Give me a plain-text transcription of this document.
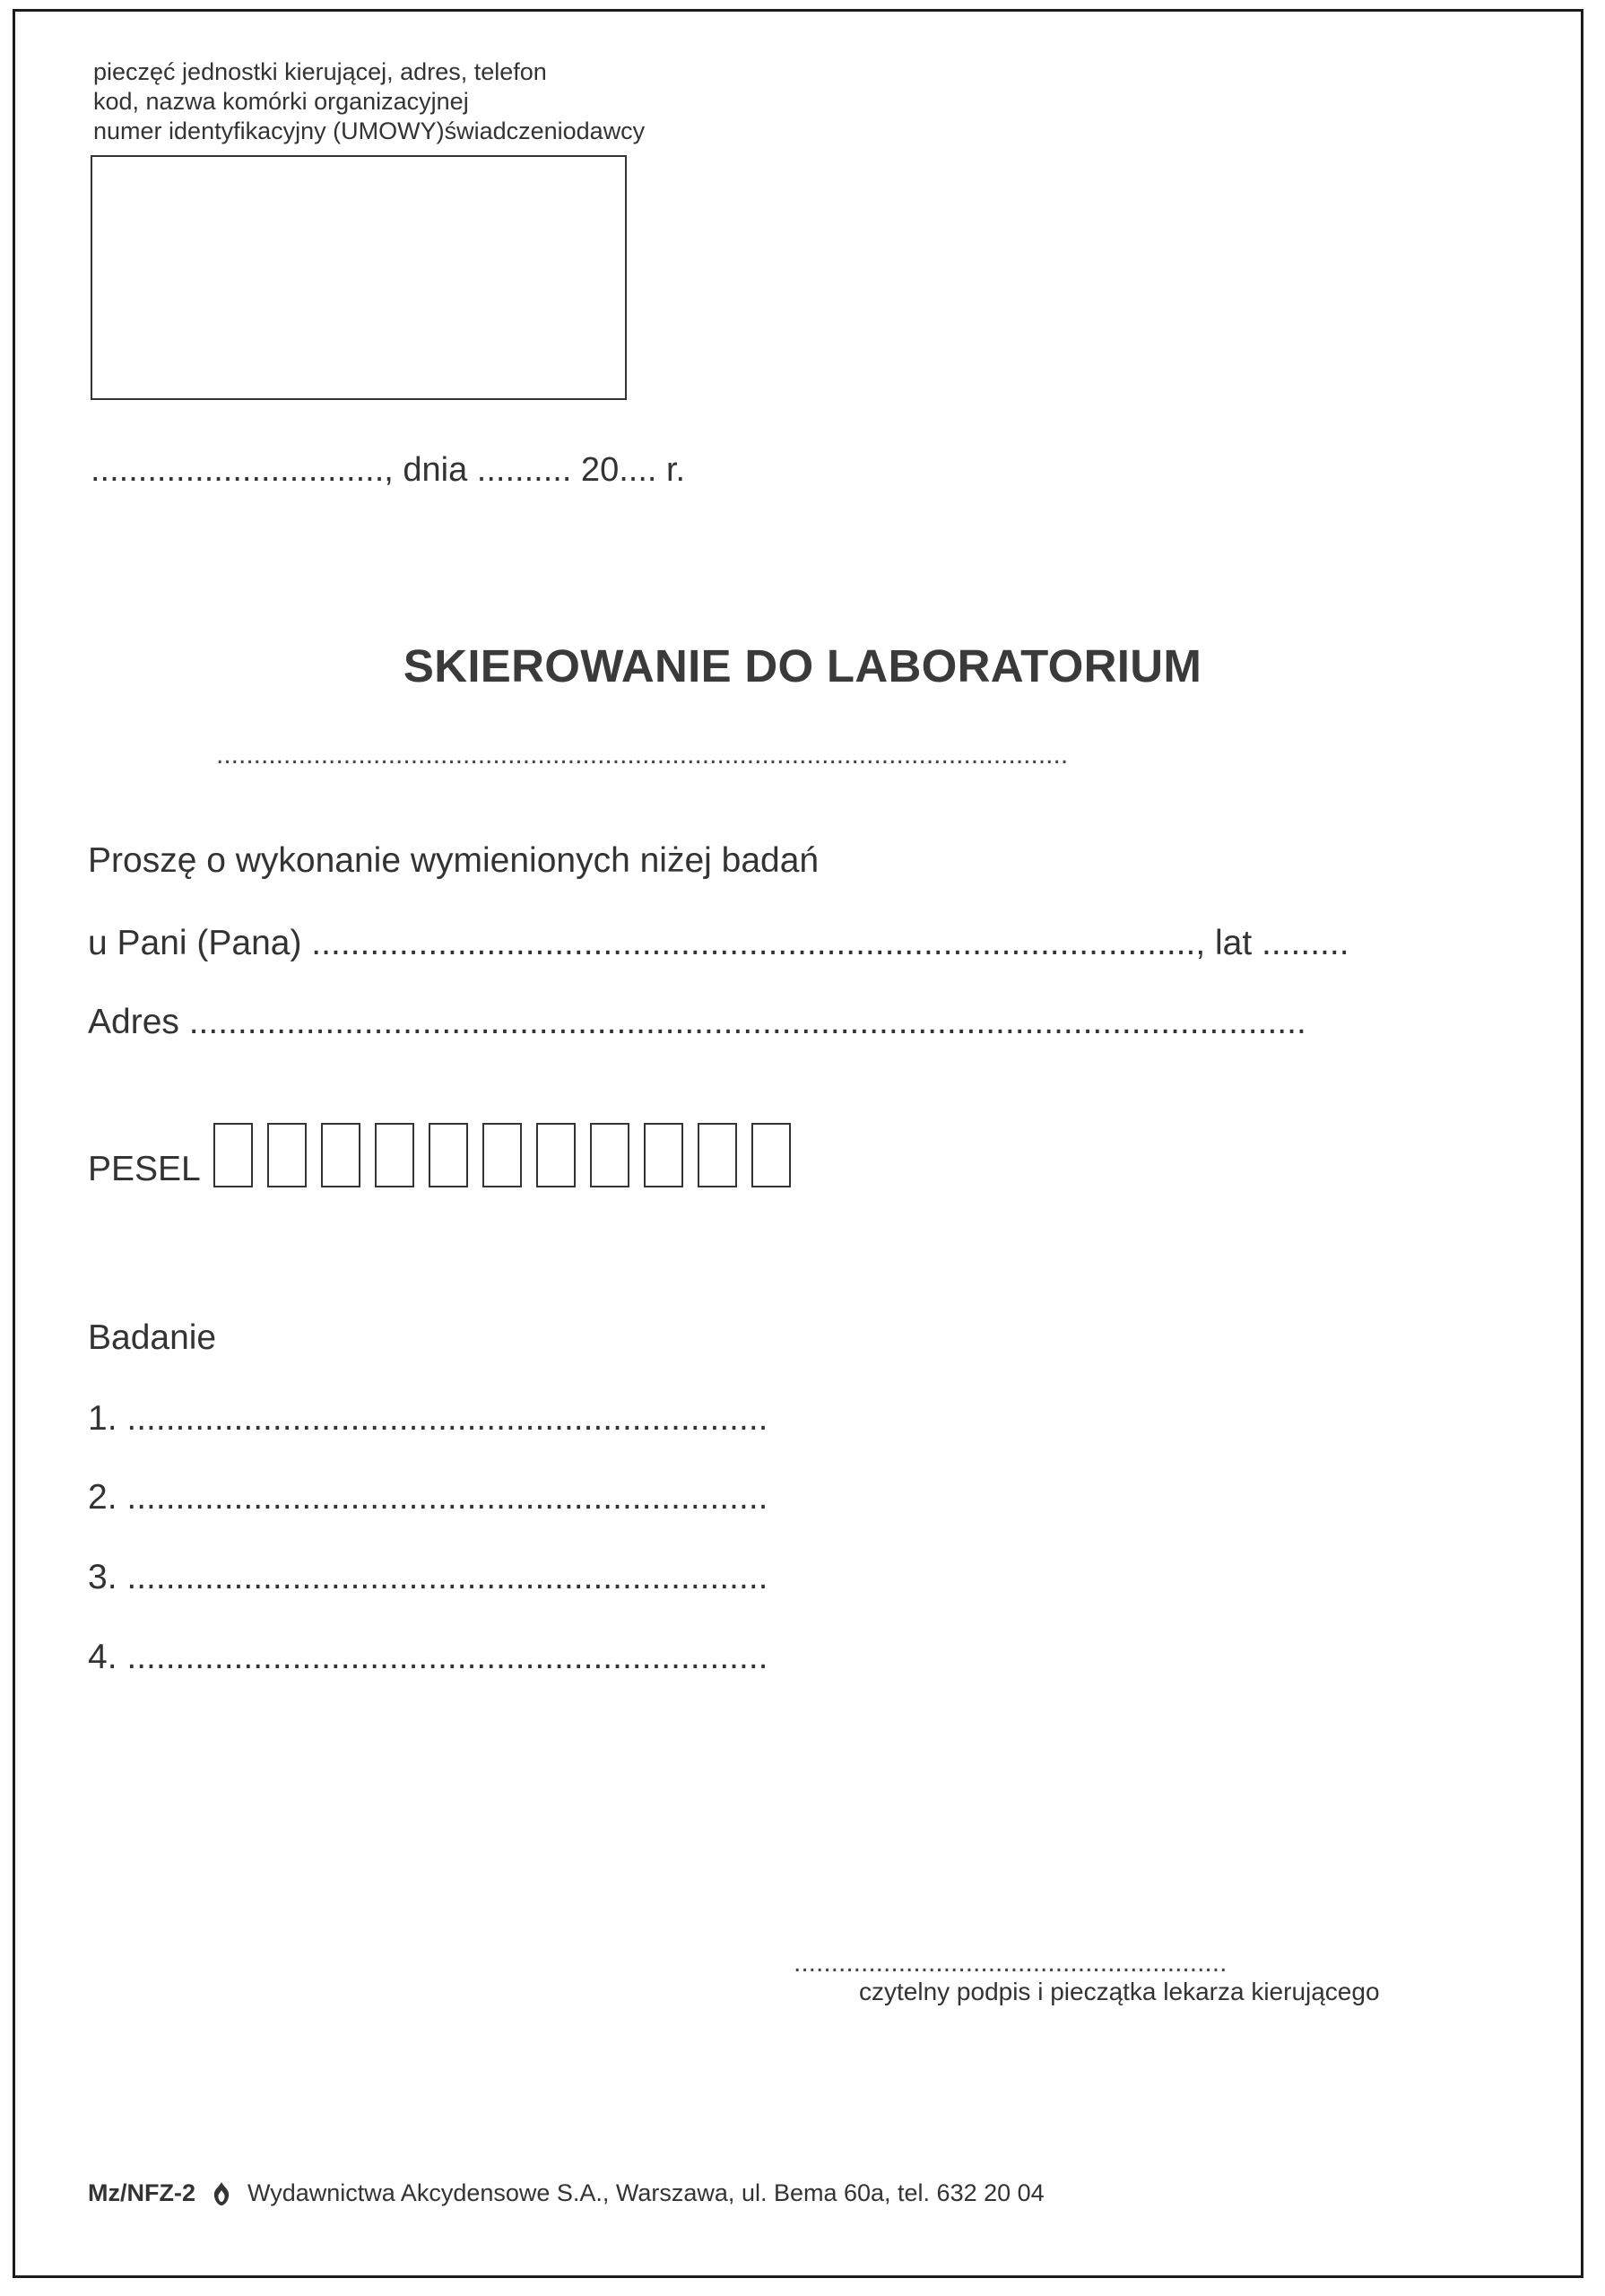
pieczęć jednostki kierującej, adres, telefon
kod, nazwa komórki organizacyjnej
numer identyfikacyjny (UMOWY)świadczeniodawcy
..............................., dnia .......... 20.... r.
SKIEROWANIE DO LABORATORIUM
..................................................................................................................
Proszę o wykonanie wymienionych niżej badań
u Pani (Pana) ..........................................................................................., lat .........
Adres ...................................................................................................................
PESEL
Badanie
1. ..................................................................
2. ..................................................................
3. ..................................................................
4. ..................................................................
..........................................................
czytelny podpis i pieczątka lekarza kierującego
Mz/NFZ-2 Wydawnictwa Akcydensowe S.A., Warszawa, ul. Bema 60a, tel. 632 20 04
